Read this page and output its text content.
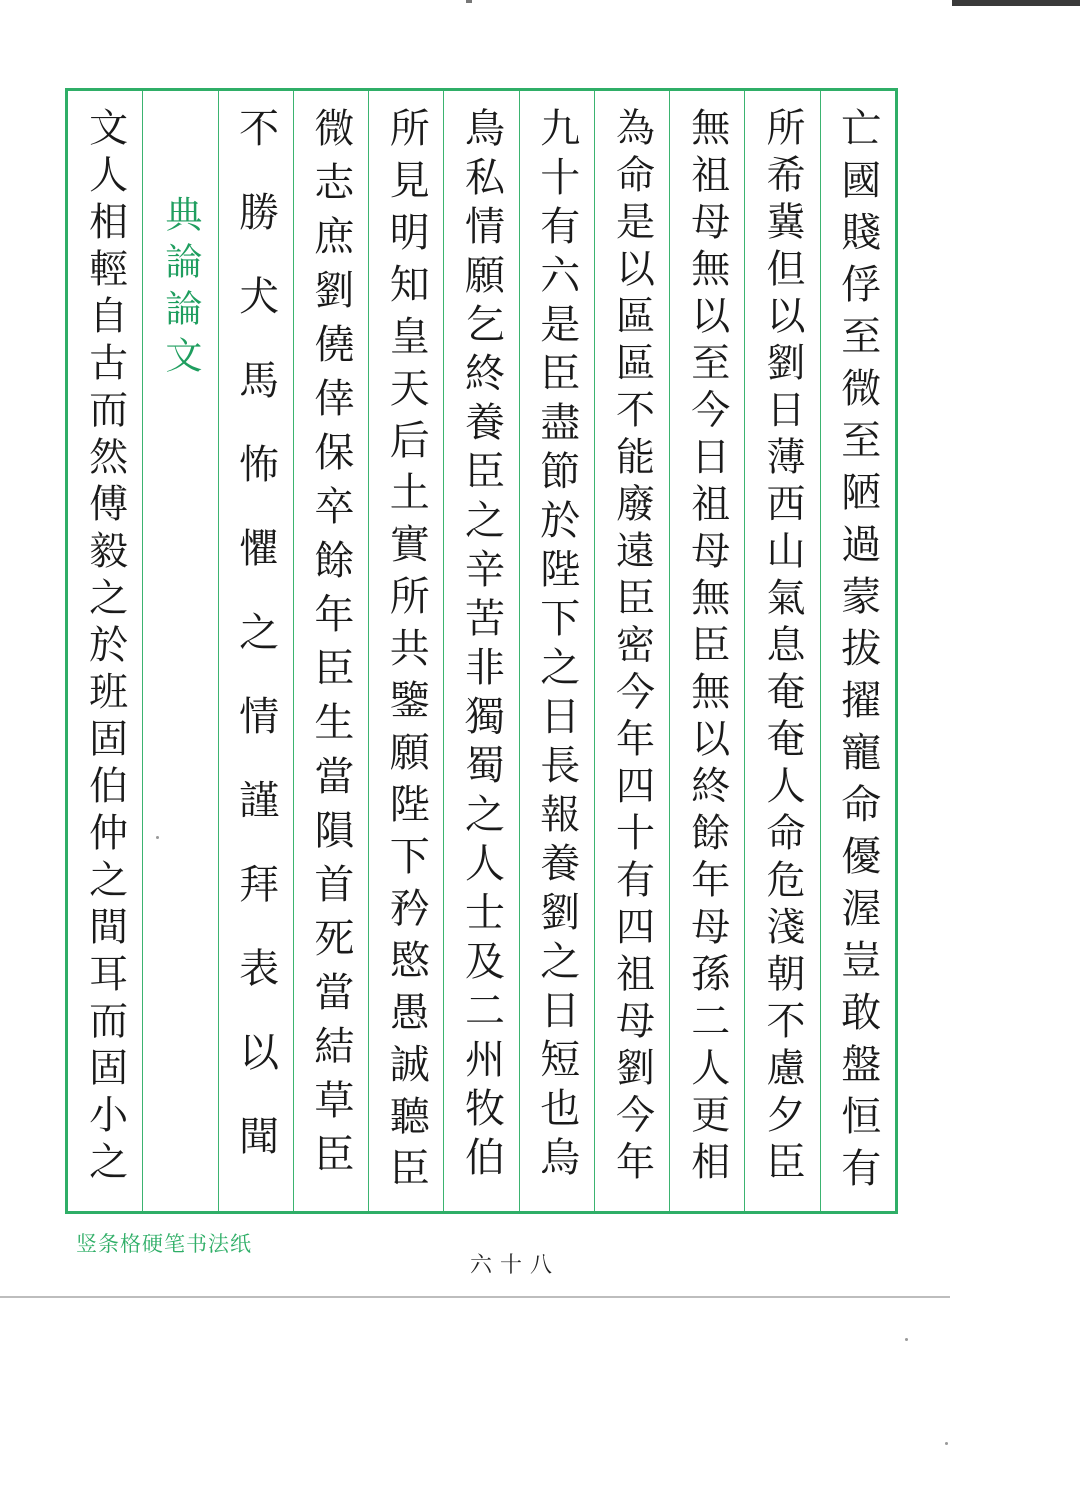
文人相輕自古而然傅毅之於班固伯仲之間耳而固小之 典論論文 不勝犬馬怖懼之情謹拜表以聞 微志庶劉僥倖保卒餘年臣生當隕首死當結草臣 所見明知皇天后土實所共鑒願陛下矜愍愚誠聽臣 鳥私情願乞終養臣之辛苦非獨蜀之人士及二州牧伯 九十有六是臣盡節於陛下之日長報養劉之日短也烏 為命是以區區不能廢遠臣密今年四十有四祖母劉今年 無祖母無以至今日祖母無臣無以終餘年母孫二人更相 所希冀但以劉日薄西山氣息奄奄人命危淺朝不慮夕臣 亡國賤俘至微至陋過蒙拔擢寵命優渥豈敢盤恒有
竖条格硬笔书法纸
六十八
